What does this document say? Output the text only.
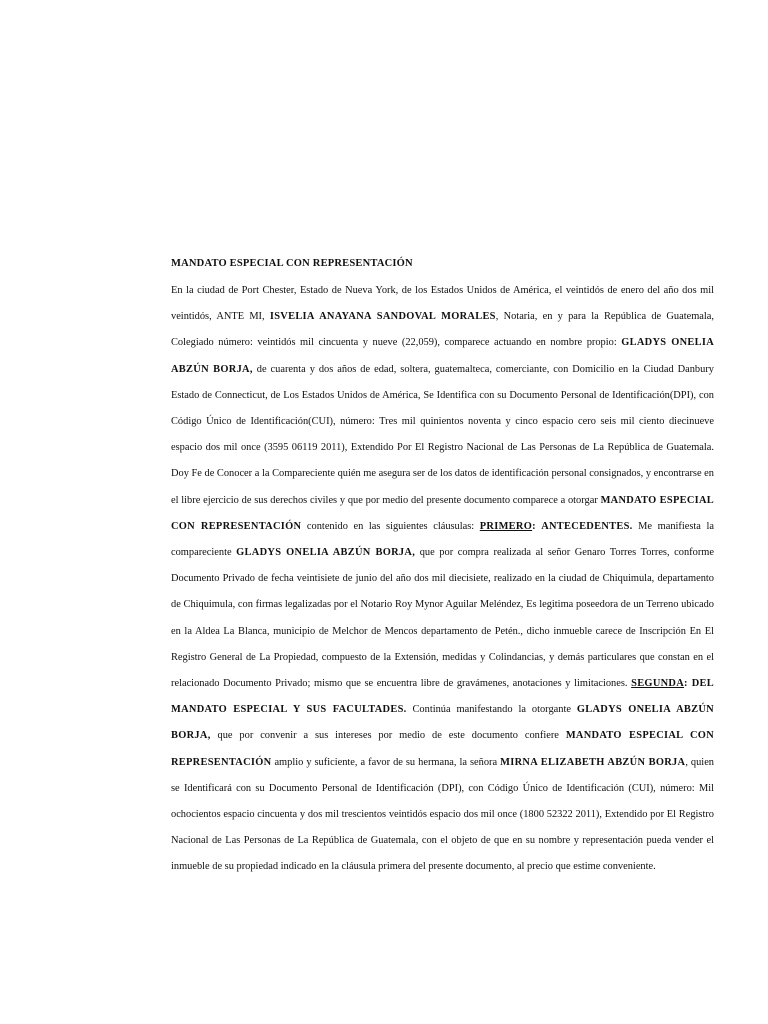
MANDATO ESPECIAL CON REPRESENTACIÓN

En la ciudad de Port Chester, Estado de Nueva York, de los Estados Unidos de América, el veintidós de enero del año dos mil veintidós, ANTE MI, ISVELIA ANAYANA SANDOVAL MORALES, Notaria, en y para la República de Guatemala, Colegiado número: veintidós mil cincuenta y nueve (22,059), comparece actuando en nombre propio: GLADYS ONELIA ABZÚN BORJA, de cuarenta y dos años de edad, soltera, guatemalteca, comerciante, con Domicilio en la Ciudad Danbury Estado de Connecticut, de Los Estados Unidos de América, Se Identifica con su Documento Personal de Identificación(DPI), con Código Único de Identificación(CUI), número: Tres mil quinientos noventa y cinco espacio cero seis mil ciento diecinueve espacio dos mil once (3595 06119 2011), Extendido Por El Registro Nacional de Las Personas de La República de Guatemala. Doy Fe de Conocer a la Compareciente quién me asegura ser de los datos de identificación personal consignados, y encontrarse en el libre ejercicio de sus derechos civiles y que por medio del presente documento comparece a otorgar MANDATO ESPECIAL CON REPRESENTACIÓN contenido en las siguientes cláusulas: PRIMERO: ANTECEDENTES. Me manifiesta la compareciente GLADYS ONELIA ABZÚN BORJA, que por compra realizada al señor Genaro Torres Torres, conforme Documento Privado de fecha veintisiete de junio del año dos mil diecisiete, realizado en la ciudad de Chiquimula, departamento de Chiquimula, con firmas legalizadas por el Notario Roy Mynor Aguilar Meléndez, Es legitima poseedora de un Terreno ubicado en la Aldea La Blanca, municipio de Melchor de Mencos departamento de Petén., dicho inmueble carece de Inscripción En El Registro General de La Propiedad, compuesto de la Extensión, medidas y Colindancias, y demás particulares que constan en el relacionado Documento Privado; mismo que se encuentra libre de gravámenes, anotaciones y limitaciones. SEGUNDA: DEL MANDATO ESPECIAL Y SUS FACULTADES. Continúa manifestando la otorgante GLADYS ONELIA ABZÚN BORJA, que por convenir a sus intereses por medio de este documento confiere MANDATO ESPECIAL CON REPRESENTACIÓN amplio y suficiente, a favor de su hermana, la señora MIRNA ELIZABETH ABZÚN BORJA, quien se Identificará con su Documento Personal de Identificación (DPI), con Código Único de Identificación (CUI), número: Mil ochocientos espacio cincuenta y dos mil trescientos veintidós espacio dos mil once (1800 52322 2011), Extendido por El Registro Nacional de Las Personas de La República de Guatemala, con el objeto de que en su nombre y representación pueda vender el inmueble de su propiedad indicado en la cláusula primera del presente documento, al precio que estime conveniente.
